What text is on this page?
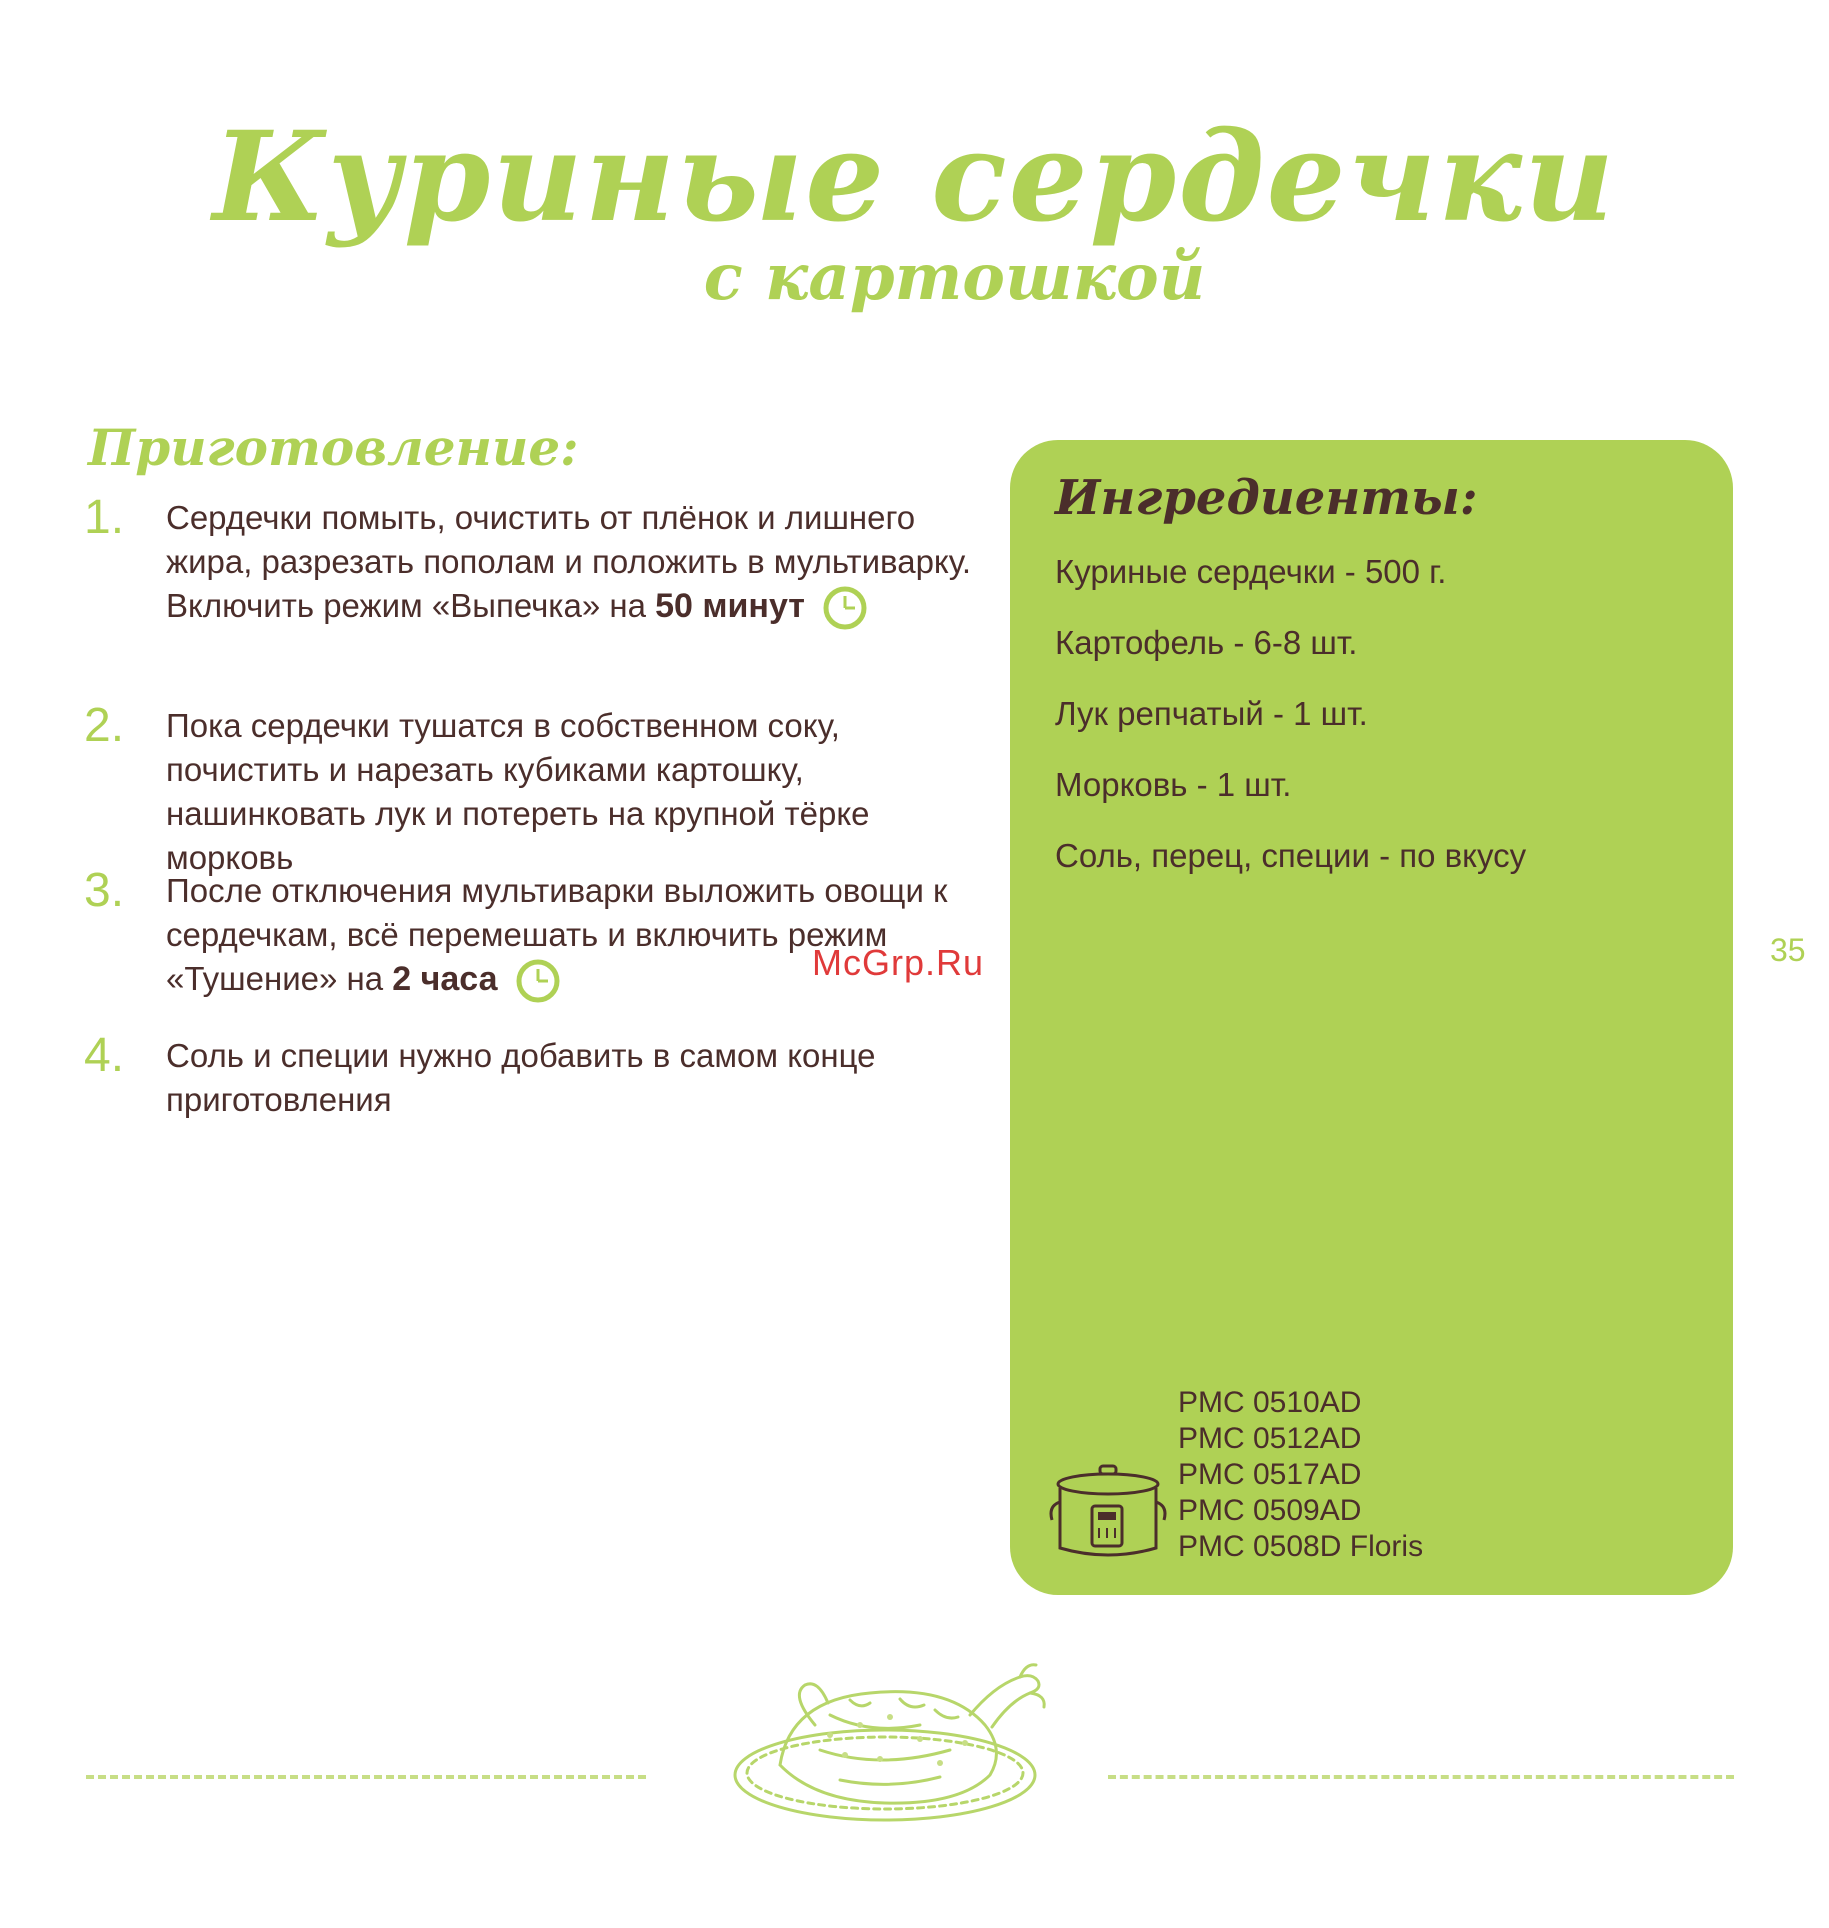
Куриные сердечки
с картошкой
Приготовление:
1. Сердечки помыть, очистить от плёнок и лишнего жира, разрезать пополам и положить в мультиварку. Включить режим «Выпечка» на 50 минут
2. Пока сердечки тушатся в собственном соку, почистить и нарезать кубиками картошку, нашинковать лук и потереть на крупной тёрке морковь
3. После отключения мультиварки выложить овощи к сердечкам, всё перемешать и включить режим «Тушение» на 2 часа
4. Соль и специи нужно добавить в самом конце приготовления
Ингредиенты:
Куриные сердечки - 500 г.
Картофель - 6-8 шт.
Лук репчатый - 1 шт.
Морковь - 1 шт.
Соль, перец, специи - по вкусу
PMC 0510AD
PMC 0512AD
PMC 0517AD
PMC 0509AD
PMC 0508D Floris
McGrp.Ru	35
